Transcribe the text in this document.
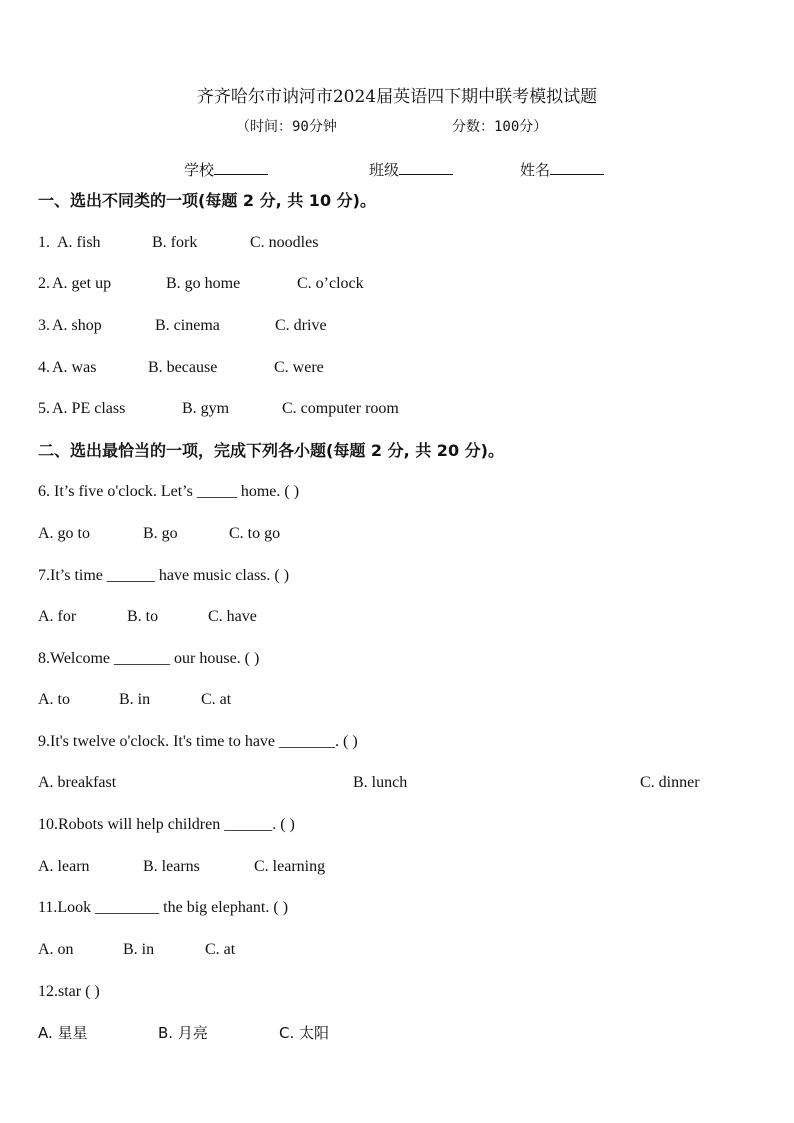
齐齐哈尔市讷河市2024届英语四下期中联考模拟试题
（时间：90分钟	分数：100分）
学校	班级	姓名
一、选出不同类的一项(每题 2 分, 共 10 分)。
1. A. fish	B. fork	C. noodles
2. A. get up	B. go home	C. o’clock
3. A. shop	B. cinema	C. drive
4. A. was	B. because	C. were
5. A. PE class	B. gym	C. computer room
二、选出最恰当的一项，完成下列各小题(每题 2 分, 共 20 分)。
6. It’s five o'clock. Let’s _____ home. ( )
A. go to	B. go	C. to go
7.It’s time ______ have music class. ( )
A. for	B. to	C. have
8.Welcome _______ our house. ( )
A. to	B. in	C. at
9.It's twelve o'clock. It's time to have _______. ( )
A. breakfast	B. lunch	C. dinner
10.Robots will help children ______. ( )
A. learn	B. learns	C. learning
11.Look ________ the big elephant. ( )
A. on	B. in	C. at
12.star ( )
A. 星星	B. 月亮	C. 太阳
